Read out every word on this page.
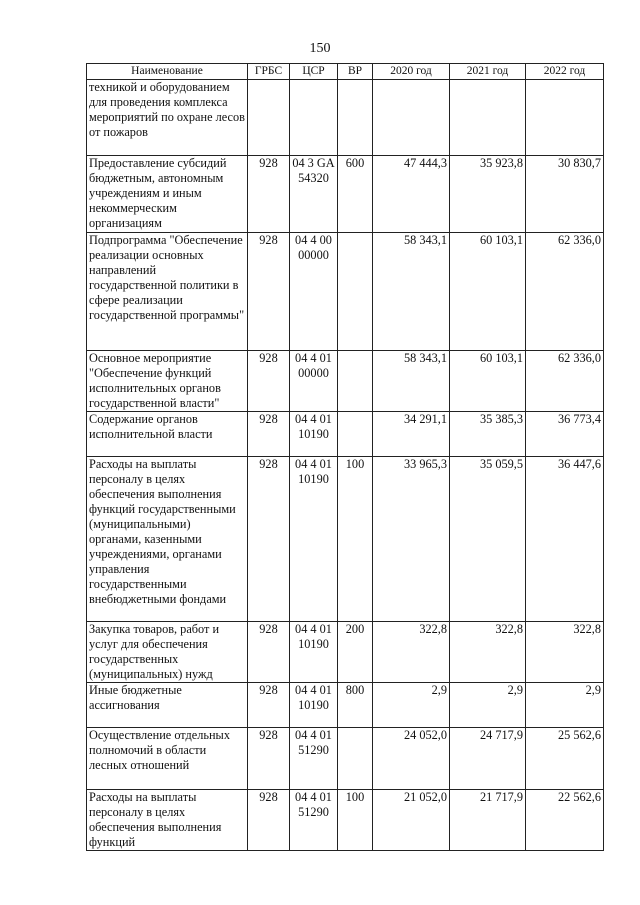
150
Наименование	ГРБС	ЦСР	ВР	2020 год	2021 год	2022 год
техникой и оборудованием для проведения комплекса мероприятий по охране лесов от пожаров						
Предоставление субсидий бюджетным, автономным учреждениям и иным некоммерческим организациям	928	04 3 GA 54320	600	47 444,3	35 923,8	30 830,7
Подпрограмма "Обеспечение реализации основных направлений государственной политики в сфере реализации государственной программы"	928	04 4 00 00000		58 343,1	60 103,1	62 336,0
Основное мероприятие "Обеспечение функций исполнительных органов государственной власти"	928	04 4 01 00000		58 343,1	60 103,1	62 336,0
Содержание органов исполнительной власти	928	04 4 01 10190		34 291,1	35 385,3	36 773,4
Расходы на выплаты персоналу в целях обеспечения выполнения функций государственными (муниципальными) органами, казенными учреждениями, органами управления государственными внебюджетными фондами	928	04 4 01 10190	100	33 965,3	35 059,5	36 447,6
Закупка товаров, работ и услуг для обеспечения государственных (муниципальных) нужд	928	04 4 01 10190	200	322,8	322,8	322,8
Иные бюджетные ассигнования	928	04 4 01 10190	800	2,9	2,9	2,9
Осуществление отдельных полномочий в области лесных отношений	928	04 4 01 51290		24 052,0	24 717,9	25 562,6
Расходы на выплаты персоналу в целях обеспечения выполнения функций	928	04 4 01 51290	100	21 052,0	21 717,9	22 562,6
